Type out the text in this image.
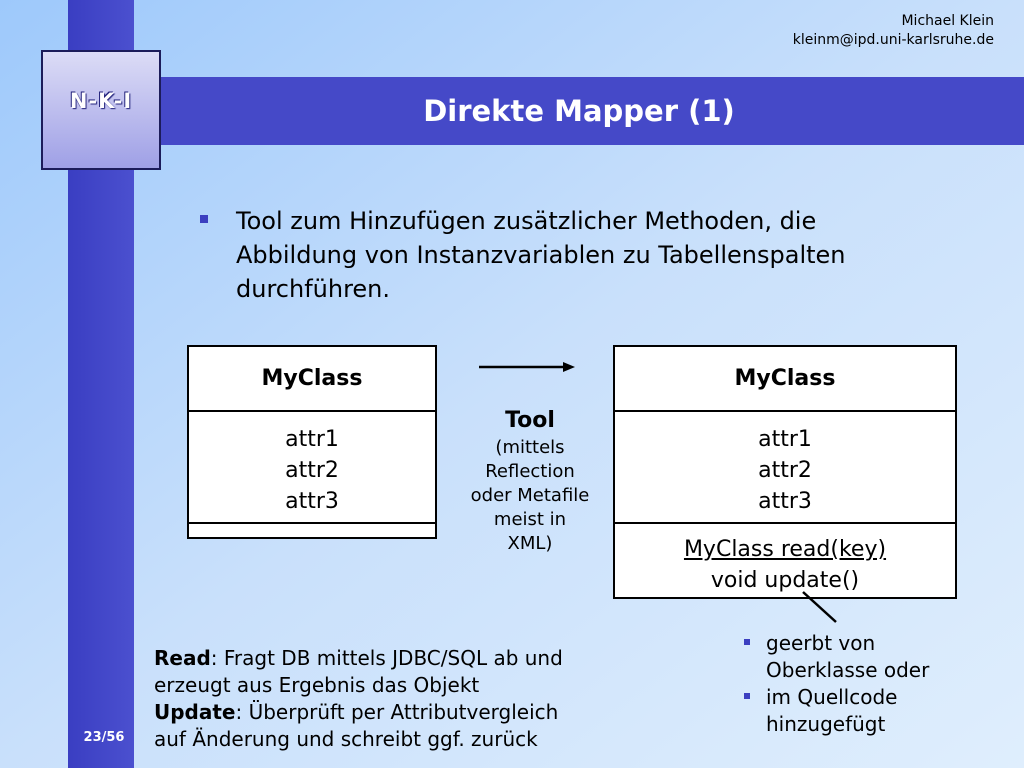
N-K-I
Michael Klein
kleinm@ipd.uni-karlsruhe.de
Direkte Mapper (1)
Tool zum Hinzufügen zusätzlicher Methoden, die
Abbildung von Instanzvariablen zu Tabellenspalten
durchführen.
MyClass
attr1
attr2
attr3
Tool
(mittels
Reflection
oder Metafile
meist in
XML)
MyClass
attr1
attr2
attr3
MyClass read(key)
void update()
geerbt von
Oberklasse oder
im Quellcode
hinzugefügt
Read: Fragt DB mittels JDBC/SQL ab und
erzeugt aus Ergebnis das Objekt
Update: Überprüft per Attributvergleich
auf Änderung und schreibt ggf. zurück
23/56
